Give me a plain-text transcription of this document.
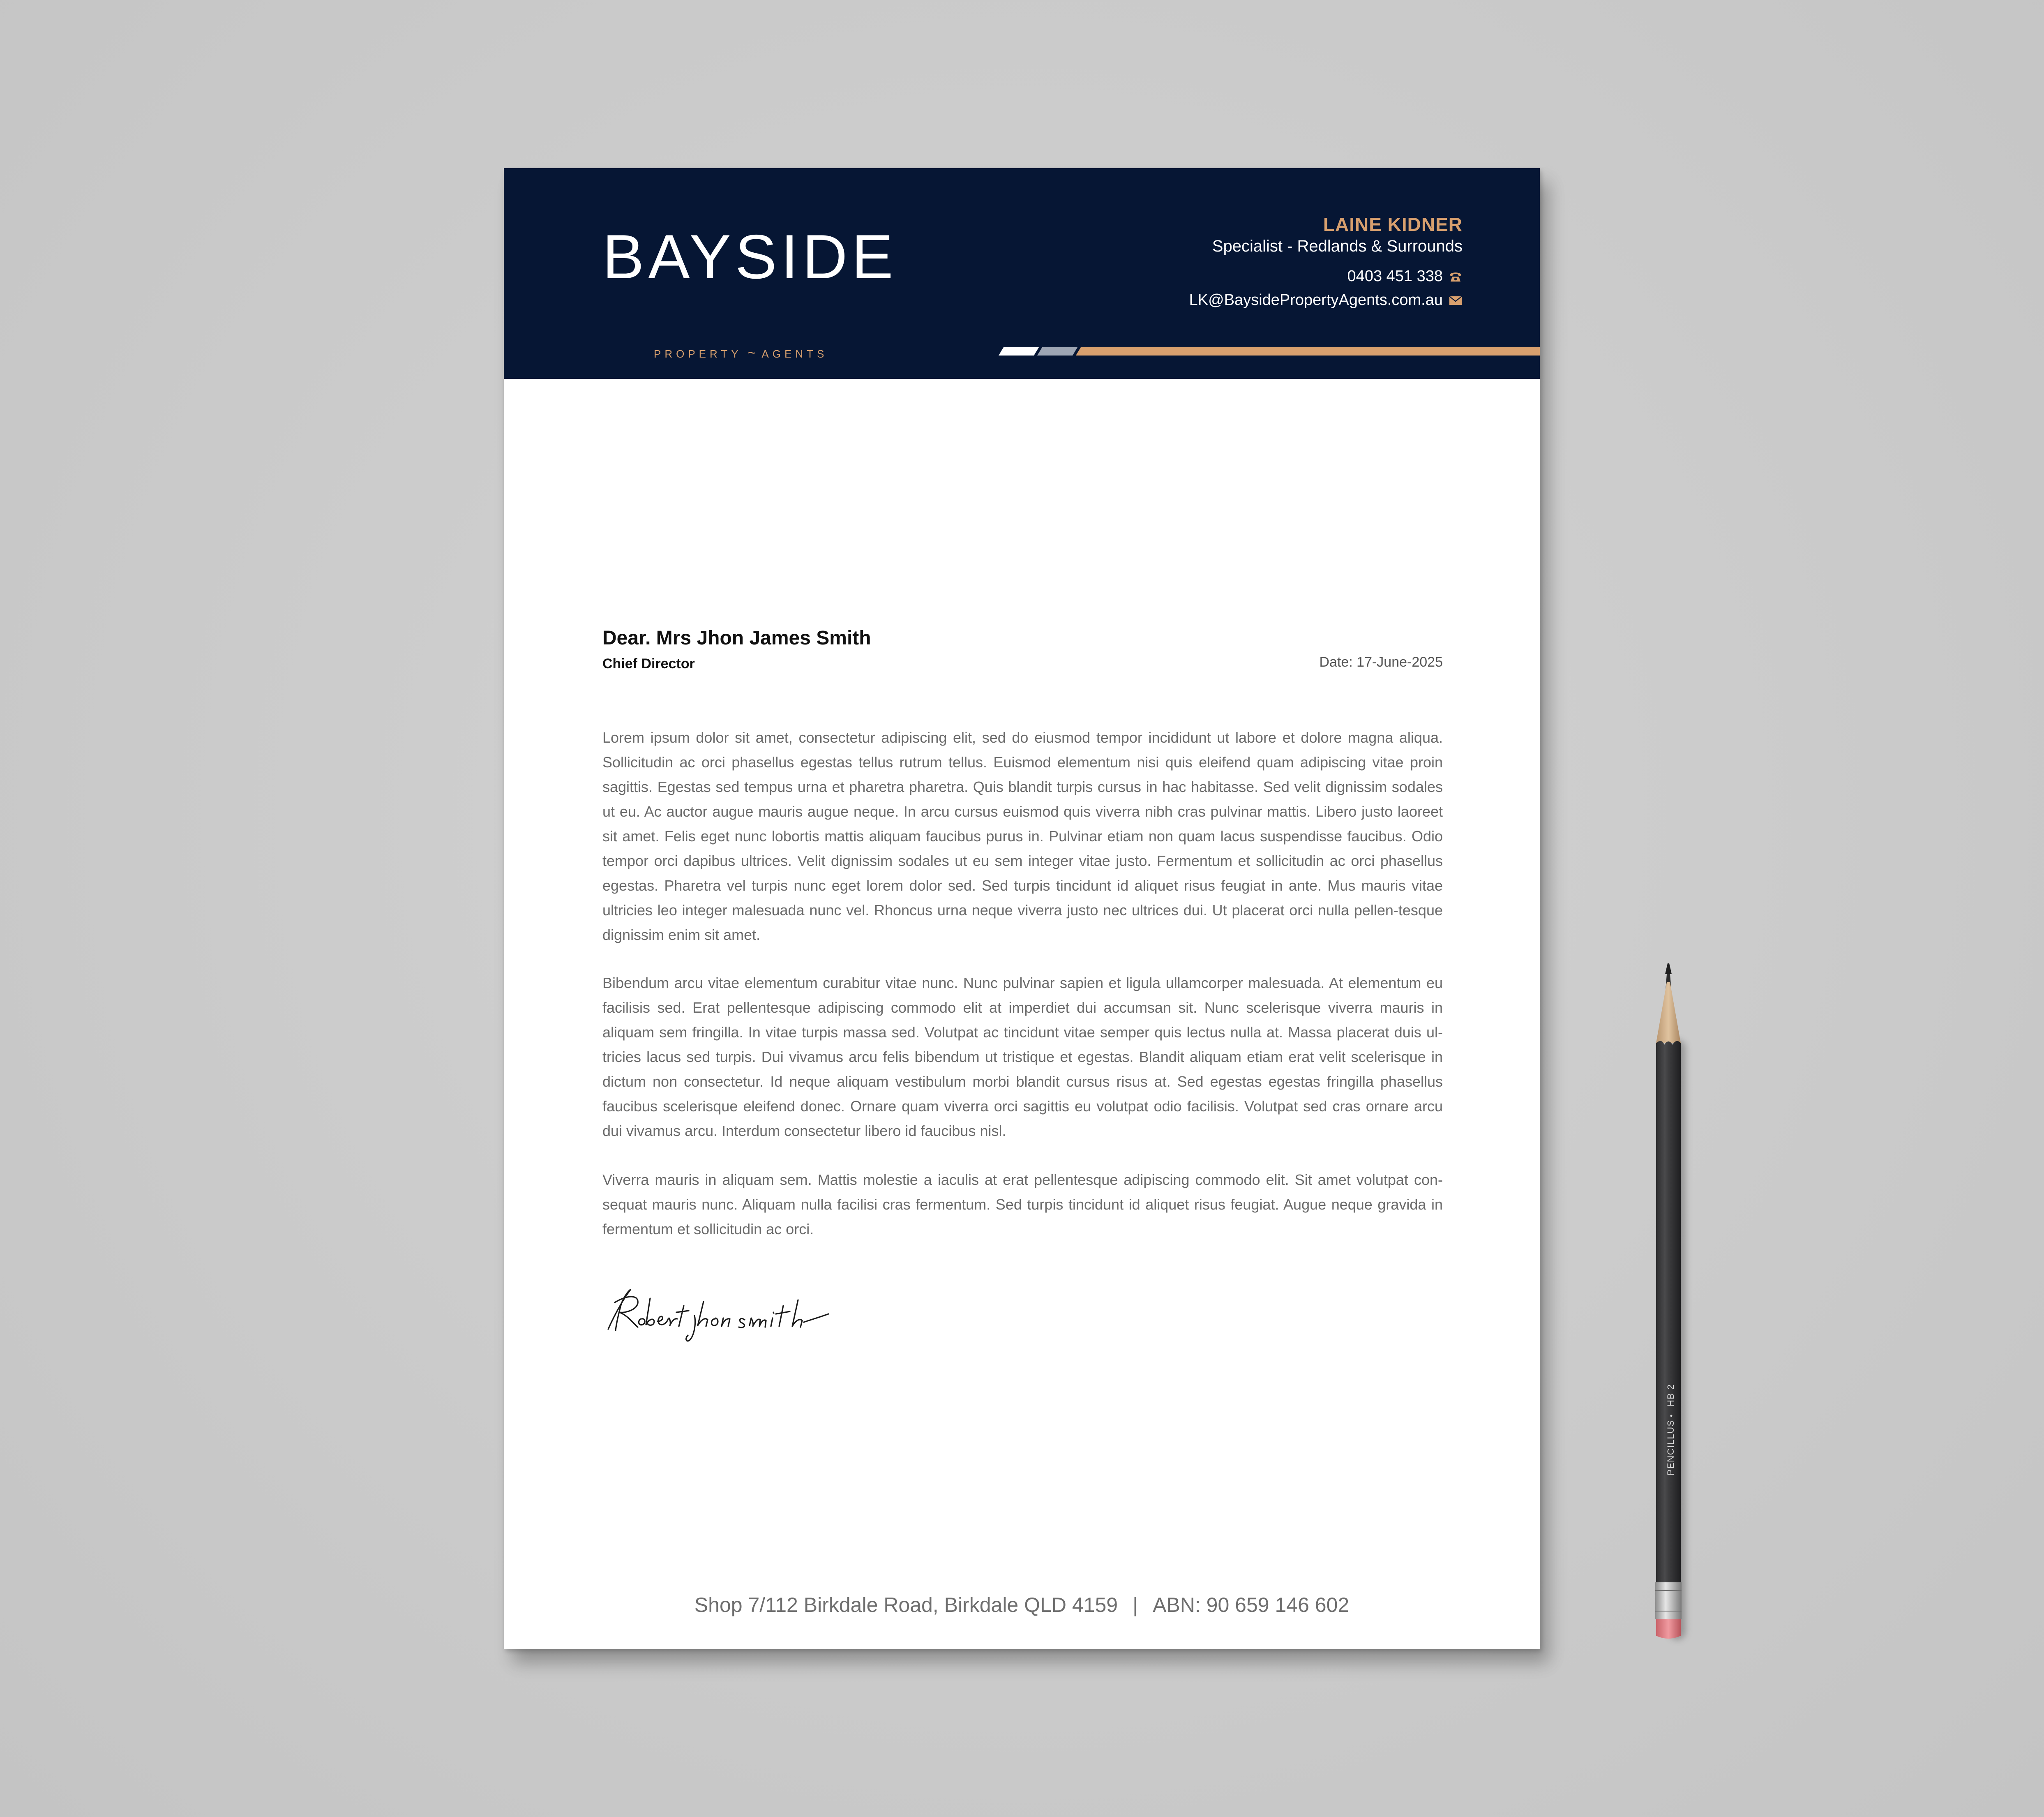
BAYSIDE
PROPERTY ~ AGENTS
LAINE KIDNER
Specialist - Redlands & Surrounds
0403 451 338
LK@BaysidePropertyAgents.com.au
Dear. Mrs Jhon James Smith
Chief Director	Date: 17-June-2025

Lorem ipsum dolor sit amet, consectetur adipiscing elit, sed do eiusmod tempor incididunt ut labore et dolore magna aliqua. Sollicitudin ac orci phasellus egestas tellus rutrum tellus. Euismod elementum nisi quis eleifend quam adipiscing vitae proin sagittis. Egestas sed tempus urna et pharetra pharetra. Quis blandit turpis cursus in hac habitasse. Sed velit dignissim sodales ut eu. Ac auctor augue mauris augue neque. In arcu cursus euismod quis viverra nibh cras pulvinar mattis. Libero justo laoreet sit amet. Felis eget nunc lobortis mattis aliquam faucibus purus in. Pulvinar etiam non quam lacus suspendisse faucibus. Odio tempor orci dapibus ultrices. Velit dignissim sodales ut eu sem integer vitae justo. Fermentum et sollicitudin ac orci phasellus egestas. Pharetra vel turpis nunc eget lorem dolor sed. Sed turpis tincidunt id aliquet risus feugiat in ante. Mus mauris vitae ultricies leo integer malesuada nunc vel. Rhoncus urna neque viverra justo nec ultrices dui. Ut placerat orci nulla pellen-tesque dignissim enim sit amet.

Bibendum arcu vitae elementum curabitur vitae nunc. Nunc pulvinar sapien et ligula ullamcorper malesuada. At elementum eu facilisis sed. Erat pellentesque adipiscing commodo elit at imperdiet dui accumsan sit. Nunc scelerisque viverra mauris in aliquam sem fringilla. In vitae turpis massa sed. Volutpat ac tincidunt vitae semper quis lectus nulla at. Massa placerat duis ul-tricies lacus sed turpis. Dui vivamus arcu felis bibendum ut tristique et egestas. Blandit aliquam etiam erat velit scelerisque in dictum non consectetur. Id neque aliquam vestibulum morbi blandit cursus risus at. Sed egestas egestas fringilla phasellus faucibus scelerisque eleifend donec. Ornare quam viverra orci sagittis eu volutpat odio facilisis. Volutpat sed cras ornare arcu dui vivamus arcu. Interdum consectetur libero id faucibus nisl.

Viverra mauris in aliquam sem. Mattis molestie a iaculis at erat pellentesque adipiscing commodo elit. Sit amet volutpat con-sequat mauris nunc. Aliquam nulla facilisi cras fermentum. Sed turpis tincidunt id aliquet risus feugiat. Augue neque gravida in fermentum et sollicitudin ac orci.

Shop 7/112 Birkdale Road, Birkdale QLD 4159 | ABN: 90 659 146 602
PENCILLUS
•
HB 2
